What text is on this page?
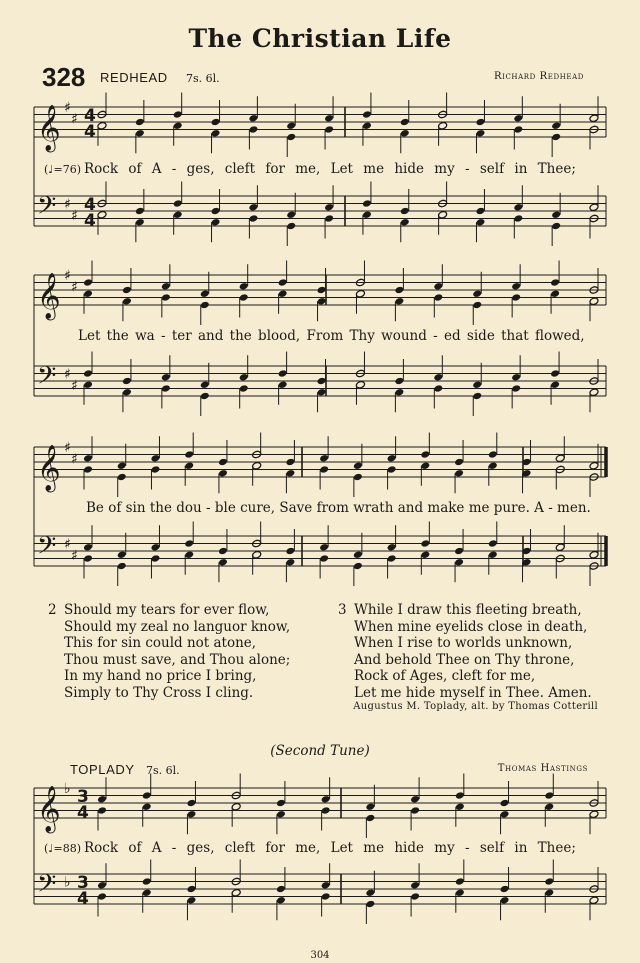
The Christian Life
328 REDHEAD 7s. 6l.	Richard Redhead
𝄞 ♯
♯ 4
4
𝄢 ♯
♯
4
4
𝄞 ♯
♯
𝄢 ♯
♯
𝄞 ♯
♯
𝄢 ♯
♯
𝄞 ♭ 3
4
𝄢 ♭ 3
4
(♩=76) Rock of A - ges, cleft for me, Let me hide my - self in Thee;
Let the wa - ter and the blood, From Thy wound - ed side that flowed,
Be of sin the dou - ble cure, Save from wrath and make me pure. A - men.
2 Should my tears for ever flow,
Should my zeal no languor know,
This for sin could not atone,
Thou must save, and Thou alone;
In my hand no price I bring,
Simply to Thy Cross I cling.
3 While I draw this fleeting breath,
When mine eyelids close in death,
When I rise to worlds unknown,
And behold Thee on Thy throne,
Rock of Ages, cleft for me,
Let me hide myself in Thee. Amen.
Augustus M. Toplady, alt. by Thomas Cotterill
(Second Tune)
TOPLADY 7s. 6l.	Thomas Hastings
(♩=88) Rock of A - ges, cleft for me, Let me hide my - self in Thee;
304
